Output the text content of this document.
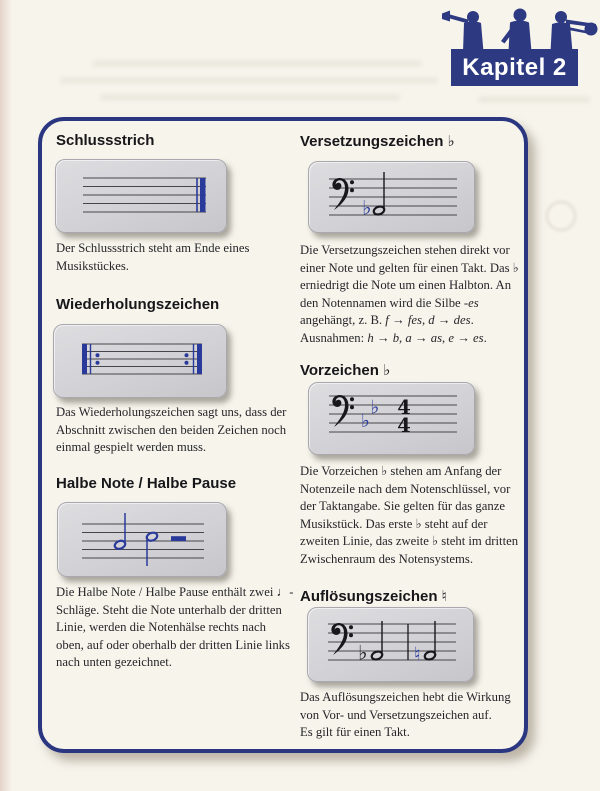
Kapitel 2
Schlussstrich

Der Schlussstrich steht am Ende eines Musikstückes.

Wiederholungszeichen

Das Wiederholungszeichen sagt uns, dass der Abschnitt zwischen den beiden Zeichen noch einmal gespielt werden muss.

Halbe Note / Halbe Pause

Die Halbe Note / Halbe Pause enthält zwei ♩-Schläge. Steht die Note unterhalb der dritten Linie, werden die Notenhälse rechts nach oben, auf oder oberhalb der dritten Linie links nach unten gezeichnet.

Versetzungszeichen ♭
♭

Die Versetzungszeichen stehen direkt vor einer Note und gelten für einen Takt. Das ♭ erniedrigt die Note um einen Halbton. An den Notennamen wird die Silbe -es angehängt, z. B. f → fes, d → des. Ausnahmen: h → b, a → as, e → es.

Vorzeichen ♭
♭
♭ 4
4

Die Vorzeichen ♭ stehen am Anfang der Notenzeile nach dem Notenschlüssel, vor der Taktangabe. Sie gelten für das ganze Musikstück. Das erste ♭ steht auf der zweiten Linie, das zweite ♭ steht im dritten Zwischenraum des Notensystems.

Auflösungszeichen ♮
♭ ♮

Das Auflösungszeichen hebt die Wirkung von Vor- und Versetzungszeichen auf.

Es gilt für einen Takt.
